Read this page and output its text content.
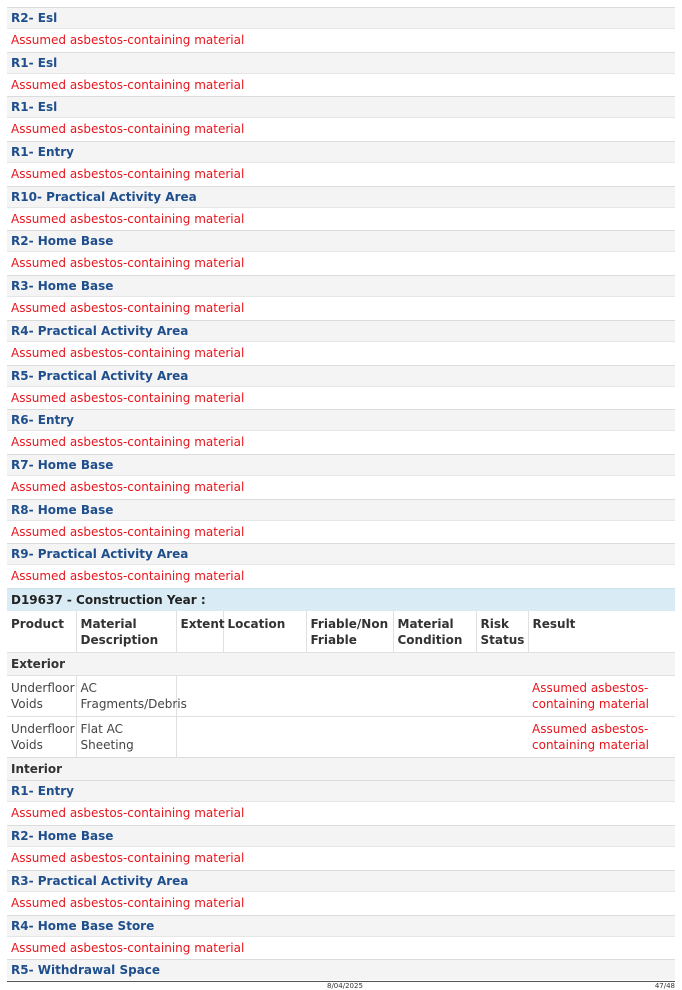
R2- Esl
Assumed asbestos-containing material
R1- Esl
Assumed asbestos-containing material
R1- Esl
Assumed asbestos-containing material
R1- Entry
Assumed asbestos-containing material
R10- Practical Activity Area
Assumed asbestos-containing material
R2- Home Base
Assumed asbestos-containing material
R3- Home Base
Assumed asbestos-containing material
R4- Practical Activity Area
Assumed asbestos-containing material
R5- Practical Activity Area
Assumed asbestos-containing material
R6- Entry
Assumed asbestos-containing material
R7- Home Base
Assumed asbestos-containing material
R8- Home Base
Assumed asbestos-containing material
R9- Practical Activity Area
Assumed asbestos-containing material
D19637 - Construction Year :
Product	Material Description	Extent	Location	Friable/Non Friable	Material Condition	Risk Status	Result
Exterior							
Underfloor Voids	AC Fragments/Debris						Assumed asbestos-containing material
Underfloor Voids	Flat AC Sheeting						Assumed asbestos-containing material
Interior							
R1- Entry
Assumed asbestos-containing material
R2- Home Base
Assumed asbestos-containing material
R3- Practical Activity Area
Assumed asbestos-containing material
R4- Home Base Store
Assumed asbestos-containing material
R5- Withdrawal Space
8/04/2025	47/48
